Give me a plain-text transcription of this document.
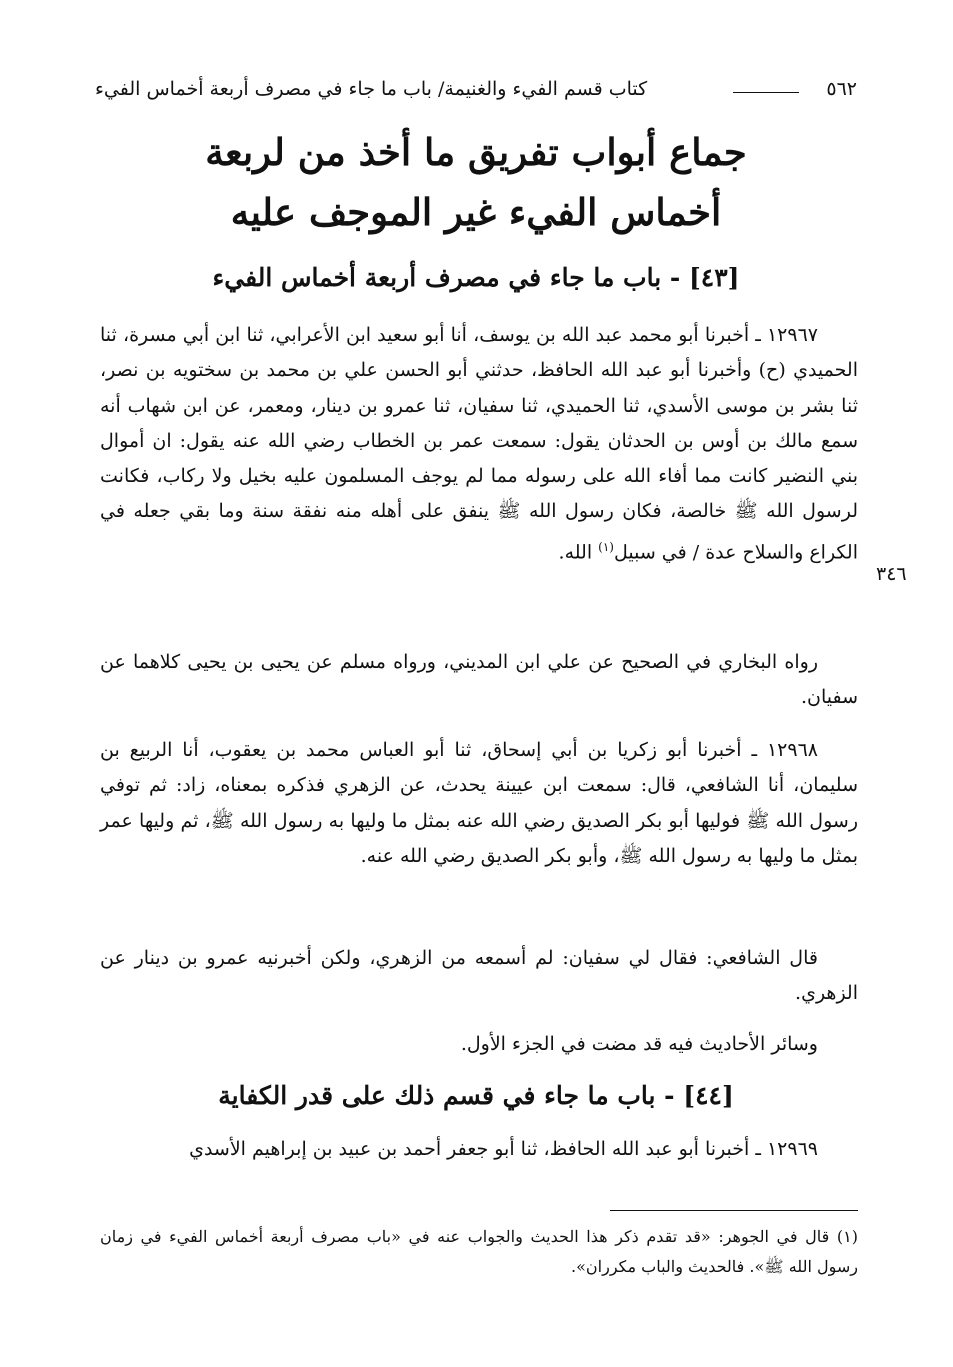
٥٦٢
كتاب قسم الفيء والغنيمة/ باب ما جاء في مصرف أربعة أخماس الفيء
جماع أبواب تفريق ما أخذ من لربعة
أخماس الفيء غير الموجف عليه
[٤٣] - باب ما جاء في مصرف أربعة أخماس الفيء
١٢٩٦٧ ـ أخبرنا أبو محمد عبد الله بن يوسف، أنا أبو سعيد ابن الأعرابي، ثنا ابن أبي مسرة، ثنا الحميدي (ح) وأخبرنا أبو عبد الله الحافظ، حدثني أبو الحسن علي بن محمد بن سختويه بن نصر، ثنا بشر بن موسى الأسدي، ثنا الحميدي، ثنا سفيان، ثنا عمرو بن دينار، ومعمر، عن ابن شهاب أنه سمع مالك بن أوس بن الحدثان يقول: سمعت عمر بن الخطاب رضي الله عنه يقول: ان أموال بني النضير كانت مما أفاء الله على رسوله مما لم يوجف المسلمون عليه بخيل ولا ركاب، فكانت لرسول الله ﷺ خالصة، فكان رسول الله ﷺ ينفق على أهله منه نفقة سنة وما بقي جعله في الكراع والسلاح عدة / في سبيل$^{(١)}$ الله.
٣٤٦
رواه البخاري في الصحيح عن علي ابن المديني، ورواه مسلم عن يحيى بن يحيى كلاهما عن سفيان.
١٢٩٦٨ ـ أخبرنا أبو زكريا بن أبي إسحاق، ثنا أبو العباس محمد بن يعقوب، أنا الربيع بن سليمان، أنا الشافعي، قال: سمعت ابن عيينة يحدث، عن الزهري فذكره بمعناه، زاد: ثم توفي رسول الله ﷺ فوليها أبو بكر الصديق رضي الله عنه بمثل ما وليها به رسول الله ﷺ، ثم وليها عمر بمثل ما وليها به رسول الله ﷺ، وأبو بكر الصديق رضي الله عنه.
قال الشافعي: فقال لي سفيان: لم أسمعه من الزهري، ولكن أخبرنيه عمرو بن دينار عن الزهري.
وسائر الأحاديث فيه قد مضت في الجزء الأول.
[٤٤] - باب ما جاء في قسم ذلك على قدر الكفاية
١٢٩٦٩ ـ أخبرنا أبو عبد الله الحافظ، ثنا أبو جعفر أحمد بن عبيد بن إبراهيم الأسدي
(١) قال في الجوهر: «قد تقدم ذكر هذا الحديث والجواب عنه في «باب مصرف أربعة أخماس الفيء في زمان رسول الله ﷺ». فالحديث والباب مكرران».
